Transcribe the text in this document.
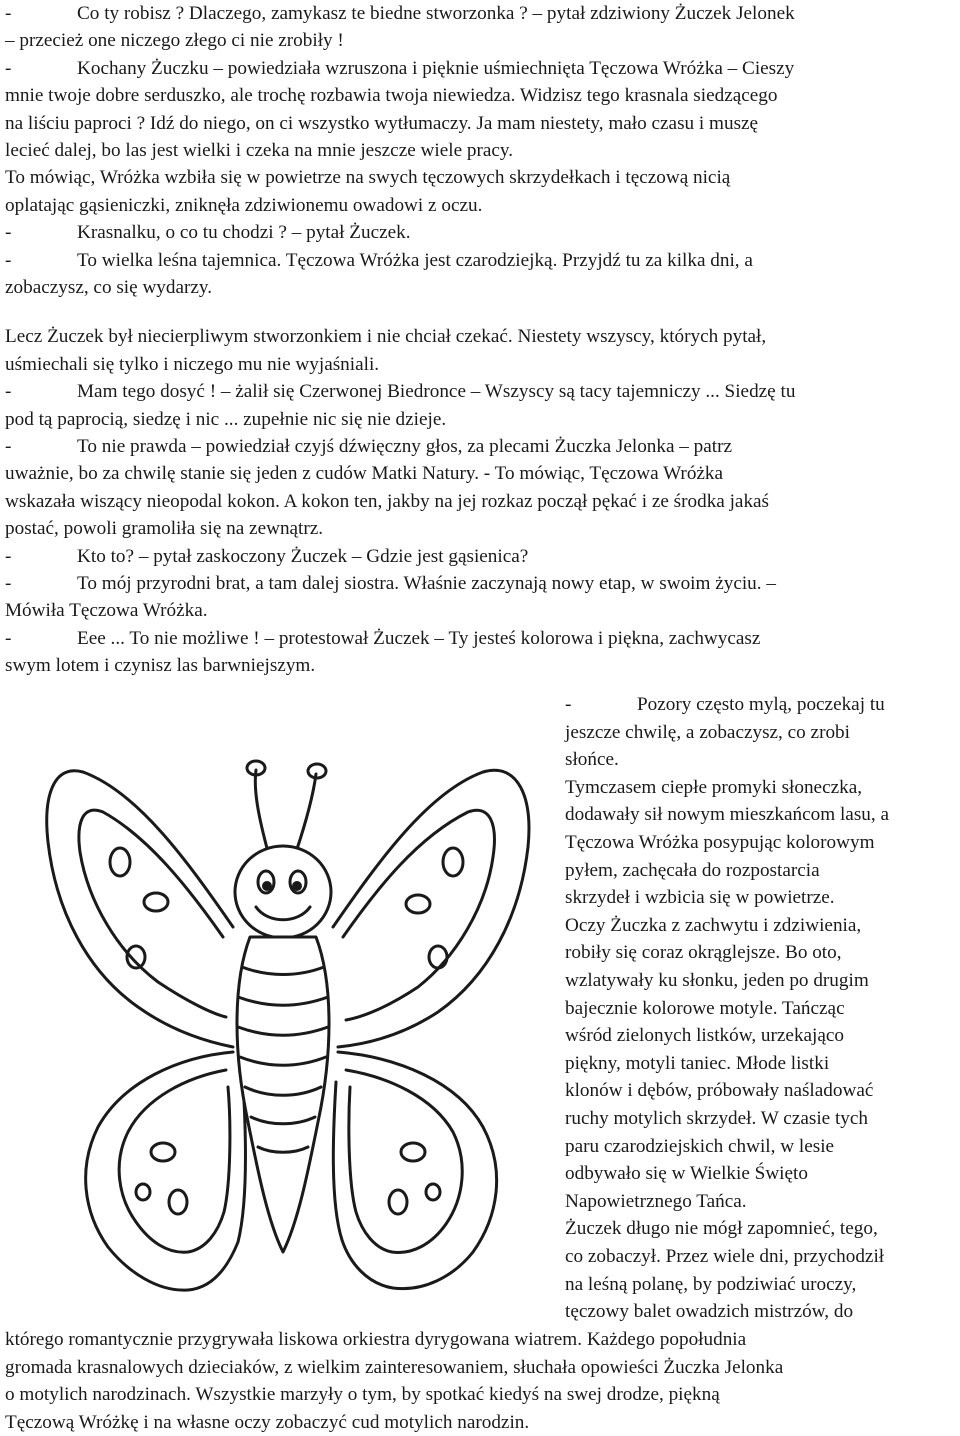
-	Co ty robisz ? Dlaczego, zamykasz te biedne stworzonka ? – pytał zdziwiony Żuczek Jelonek

– przecież one niczego złego ci nie zrobiły !

-	Kochany Żuczku – powiedziała wzruszona i pięknie uśmiechnięta Tęczowa Wróżka – Cieszy

mnie twoje dobre serduszko, ale trochę rozbawia twoja niewiedza. Widzisz tego krasnala siedzącego

na liściu paproci ? Idź do niego, on ci wszystko wytłumaczy. Ja mam niestety, mało czasu i muszę

lecieć dalej, bo las jest wielki i czeka na mnie jeszcze wiele pracy.

To mówiąc, Wróżka wzbiła się w powietrze na swych tęczowych skrzydełkach i tęczową nicią

oplatając gąsieniczki, zniknęła zdziwionemu owadowi z oczu.

-	Krasnalku, o co tu chodzi ? – pytał Żuczek.

-	To wielka leśna tajemnica. Tęczowa Wróżka jest czarodziejką. Przyjdź tu za kilka dni, a

zobaczysz, co się wydarzy.

Lecz Żuczek był niecierpliwym stworzonkiem i nie chciał czekać. Niestety wszyscy, których pytał,

uśmiechali się tylko i niczego mu nie wyjaśniali.

-	Mam tego dosyć ! – żalił się Czerwonej Biedronce – Wszyscy są tacy tajemniczy ... Siedzę tu

pod tą paprocią, siedzę i nic ... zupełnie nic się nie dzieje.

-	To nie prawda – powiedział czyjś dźwięczny głos, za plecami Żuczka Jelonka – patrz

uważnie, bo za chwilę stanie się jeden z cudów Matki Natury. - To mówiąc, Tęczowa Wróżka

wskazała wiszący nieopodal kokon. A kokon ten, jakby na jej rozkaz począł pękać i ze środka jakaś

postać, powoli gramoliła się na zewnątrz.

-	Kto to? – pytał zaskoczony Żuczek – Gdzie jest gąsienica?

-	To mój przyrodni brat, a tam dalej siostra. Właśnie zaczynają nowy etap, w swoim życiu. –

Mówiła Tęczowa Wróżka.

-	Eee ... To nie możliwe ! – protestował Żuczek – Ty jesteś kolorowa i piękna, zachwycasz

swym lotem i czynisz las barwniejszym.

-	Pozory często mylą, poczekaj tu

jeszcze chwilę, a zobaczysz, co zrobi

słońce.

Tymczasem ciepłe promyki słoneczka,

dodawały sił nowym mieszkańcom lasu, a

Tęczowa Wróżka posypując kolorowym

pyłem, zachęcała do rozpostarcia

skrzydeł i wzbicia się w powietrze.

Oczy Żuczka z zachwytu i zdziwienia,

robiły się coraz okrąglejsze. Bo oto,

wzlatywały ku słonku, jeden po drugim

bajecznie kolorowe motyle. Tańcząc

wśród zielonych listków, urzekająco

piękny, motyli taniec. Młode listki

klonów i dębów, próbowały naśladować

ruchy motylich skrzydeł. W czasie tych

paru czarodziejskich chwil, w lesie

odbywało się w Wielkie Święto

Napowietrznego Tańca.

Żuczek długo nie mógł zapomnieć, tego,

co zobaczył. Przez wiele dni, przychodził

na leśną polanę, by podziwiać uroczy,

tęczowy balet owadzich mistrzów, do

którego romantycznie przygrywała liskowa orkiestra dyrygowana wiatrem. Każdego popołudnia

gromada krasnalowych dzieciaków, z wielkim zainteresowaniem, słuchała opowieści Żuczka Jelonka

o motylich narodzinach. Wszystkie marzyły o tym, by spotkać kiedyś na swej drodze, piękną

Tęczową Wróżkę i na własne oczy zobaczyć cud motylich narodzin.
